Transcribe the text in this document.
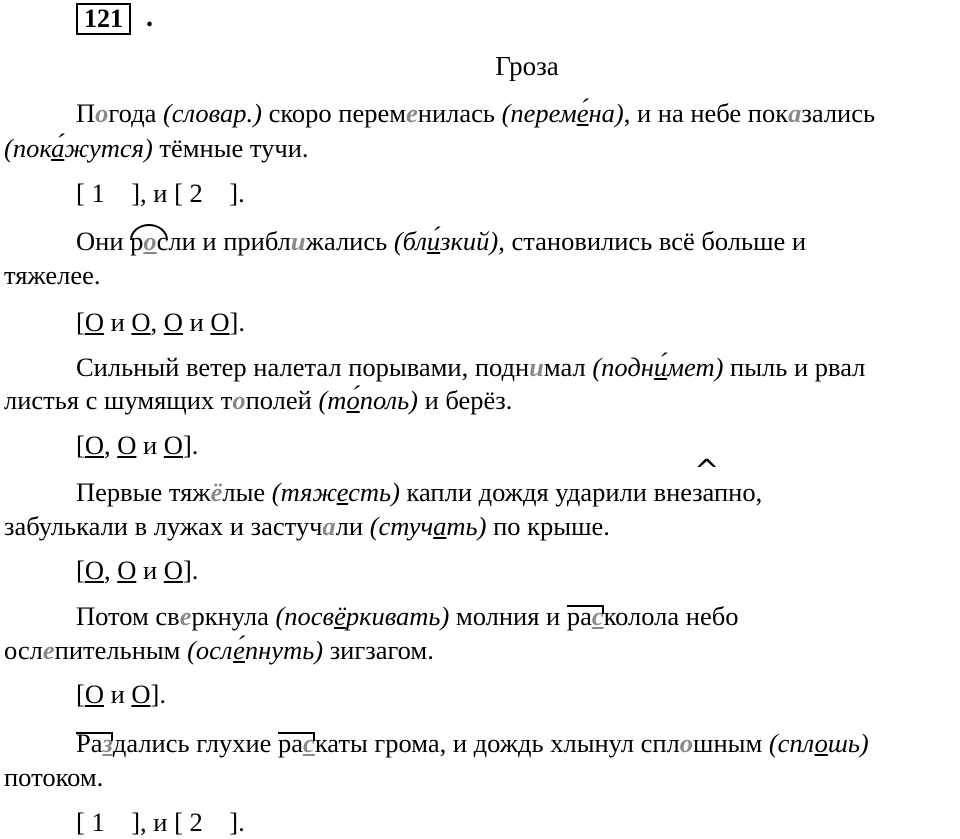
121 .
Гроза
Погода (словар.) скоро переменилась (переме́на), и на небе показались
(пока́жутся) тёмные тучи.
[ 1    ], и [ 2    ].
Они росли и приближались (бли́зкий), становились всё больше и
тяжелее.
[О и О, О и О].
Сильный ветер налетал порывами, поднимал (подни́мет) пыль и рвал
листья с шумящих тополей (то́поль) и берёз.
[О, О и О].
Первые тяжёлые (тяжесть) капли дождя ударили вне^ запно,
забулькали в лужах и застучали (стучать) по крыше.
[О, О и О].
Потом сверкнула (посвёркивать) молния и расколола небо
ослепительным (осле́пнуть) зигзагом.
[О и О].
Раздались глухие раскаты грома, и дождь хлынул сплошным (сплошь)
потоком.
[ 1    ], и [ 2    ].
